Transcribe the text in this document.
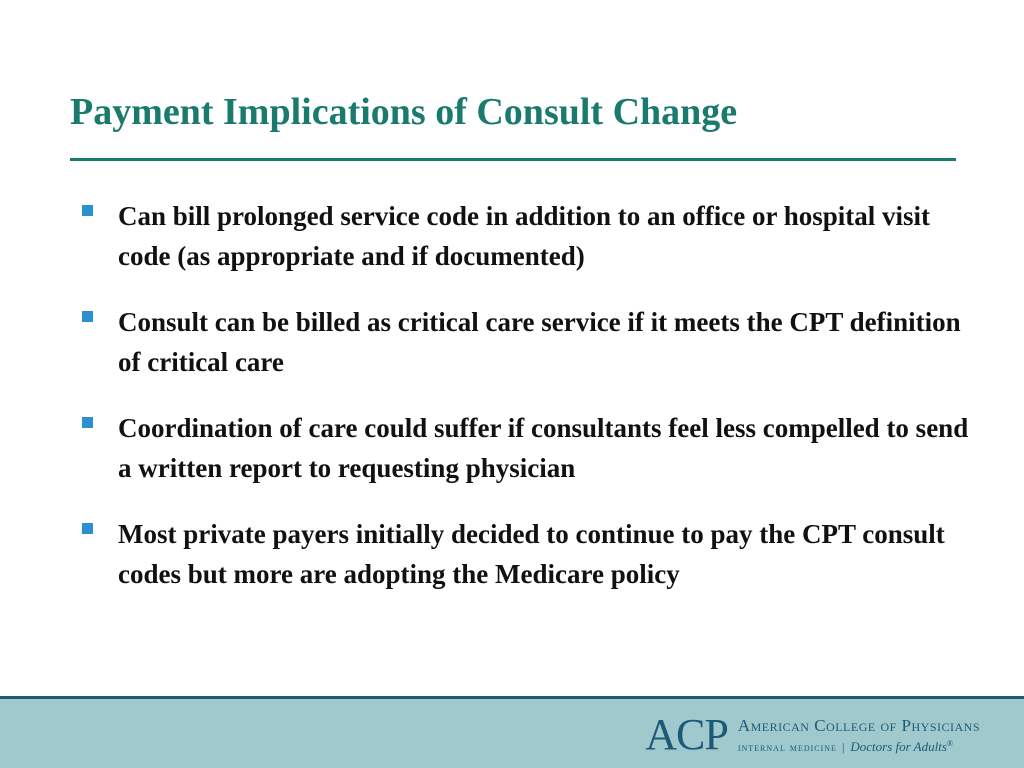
Payment Implications of Consult Change
Can bill prolonged service code in addition to an office or hospital visit code (as appropriate and if documented)
Consult can be billed as critical care service if it meets the CPT definition of critical care
Coordination of care could suffer if consultants feel less compelled to send a written report to requesting physician
Most private payers initially decided to continue to pay the CPT consult codes but more are adopting the Medicare policy
ACP American College of Physicians
internal medicine | Doctors for Adults®
